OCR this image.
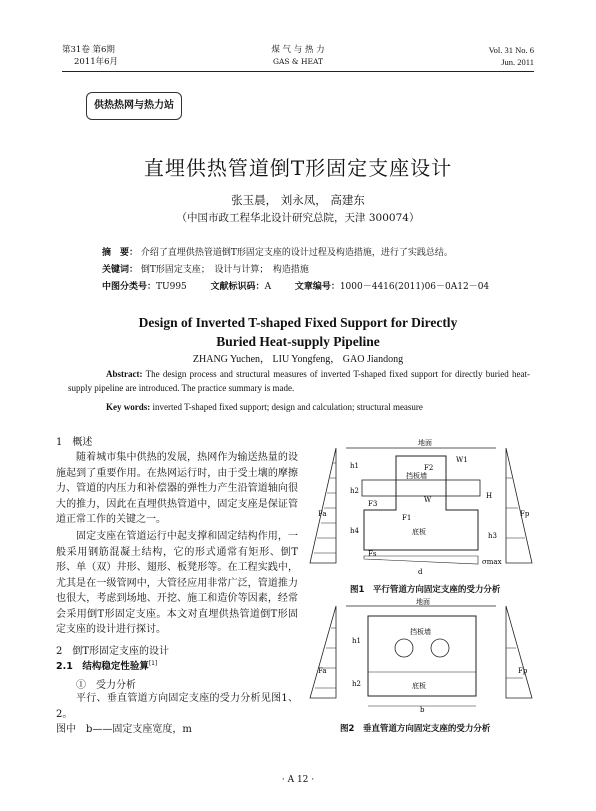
第31卷 第6期
2011年6月
煤 气 与 热 力
GAS & HEAT
Vol. 31 No. 6
Jun. 2011
供热热网与热力站
直埋供热管道倒T形固定支座设计
张玉晨， 刘永凤， 高建东
（中国市政工程华北设计研究总院，天津 300074）
摘　要： 介绍了直埋供热管道倒T形固定支座的设计过程及构造措施，进行了实践总结。
关键词： 倒T形固定支座；　设计与计算；　构造措施
中图分类号：TU995	文献标识码：A	文章编号：1000－4416(2011)06－0A12－04
Design of Inverted T-shaped Fixed Support for Directly
Buried Heat-supply Pipeline
ZHANG Yuchen， LIU Yongfeng， GAO Jiandong
Abstract: The design process and structural measures of inverted T-shaped fixed support for directly buried heat-supply pipeline are introduced. The practice summary is made.
Key words: inverted T-shaped fixed support; design and calculation; structural measure
1　概述
随着城市集中供热的发展，热网作为输送热量的设施起到了重要作用。在热网运行时，由于受土壤的摩擦力、管道的内压力和补偿器的弹性力产生沿管道轴向很大的推力，因此在直埋供热管道中，固定支座是保证管道正常工作的关键之一。
固定支座在管道运行中起支撑和固定结构作用，一般采用钢筋混凝土结构，它的形式通常有矩形、倒T形、单（双）井形、翅形、板凳形等。在工程实践中，尤其是在一级管网中，大管径应用非常广泛，管道推力也很大，考虑到场地、开挖、施工和造价等因素，经常会采用倒T形固定支座。本文对直埋供热管道倒T形固定支座的设计进行探讨。
2　倒T形固定支座的设计
2.1　结构稳定性验算[1]
①　受力分析
平行、垂直管道方向固定支座的受力分析见图1、2。
图中　b——固定支座宽度，m
Fa	Fp
地面
挡板墙
底板
W1
F2
W
F3
F1
Fs
σmax
h1
h2
h4
H
h3
d
图1　平行管道方向固定支座的受力分析
Fa	Fp
地面
挡板墙
底板
h1
h2
b
图2　垂直管道方向固定支座的受力分析
· A 12 ·
